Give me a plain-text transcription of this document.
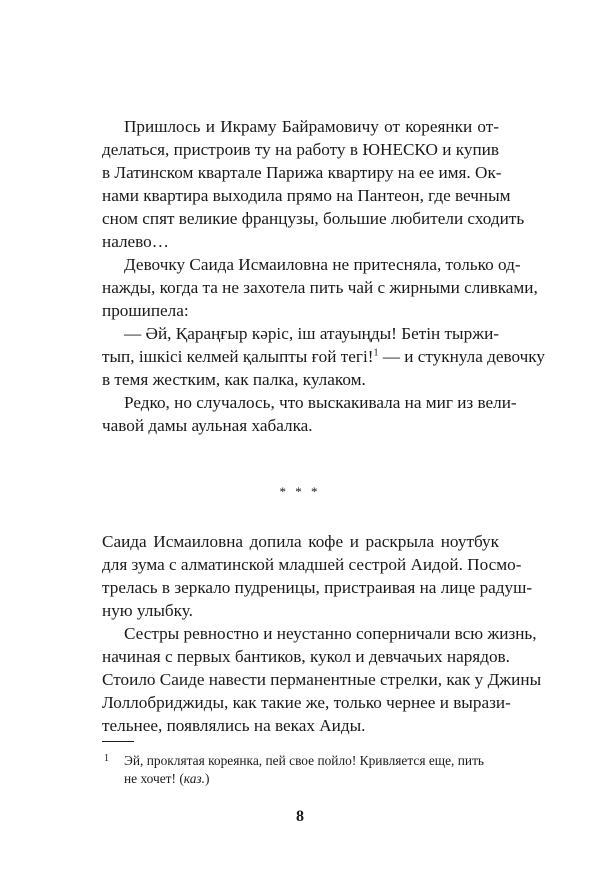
Пришлось и Икраму Байрамовичу от кореянки от-
делаться, пристроив ту на работу в ЮНЕСКО и купив
в Латинском квартале Парижа квартиру на ее имя. Ок-
нами квартира выходила прямо на Пантеон, где вечным
сном спят великие французы, большие любители сходить
налево…
Девочку Саида Исмаиловна не притесняла, только од-
нажды, когда та не захотела пить чай с жирными сливками,
прошипела:
— Әй, Қараңғыр кәріс, іш атауыңды! Бетін тыржи-
тып, ішкісі келмей қалыпты ғой тегі!$^1$ — и стукнула девочку
в темя жестким, как палка, кулаком.
Редко, но случалось, что выскакивала на миг из вели-
чавой дамы аульная хабалка.
* * *
Саида Исмаиловна допила кофе и раскрыла ноутбук
для зума с алматинской младшей сестрой Аидой. Посмо-
трелась в зеркало пудреницы, пристраивая на лице радуш-
ную улыбку.
Сестры ревностно и неустанно соперничали всю жизнь,
начиная с первых бантиков, кукол и девчачьих нарядов.
Стоило Саиде навести перманентные стрелки, как у Джины
Лоллобриджиды, как такие же, только чернее и вырази-
тельнее, появлялись на веках Аиды.
1 Эй, проклятая кореянка, пей свое пойло! Кривляется еще, пить
не хочет! (каз.)
8
